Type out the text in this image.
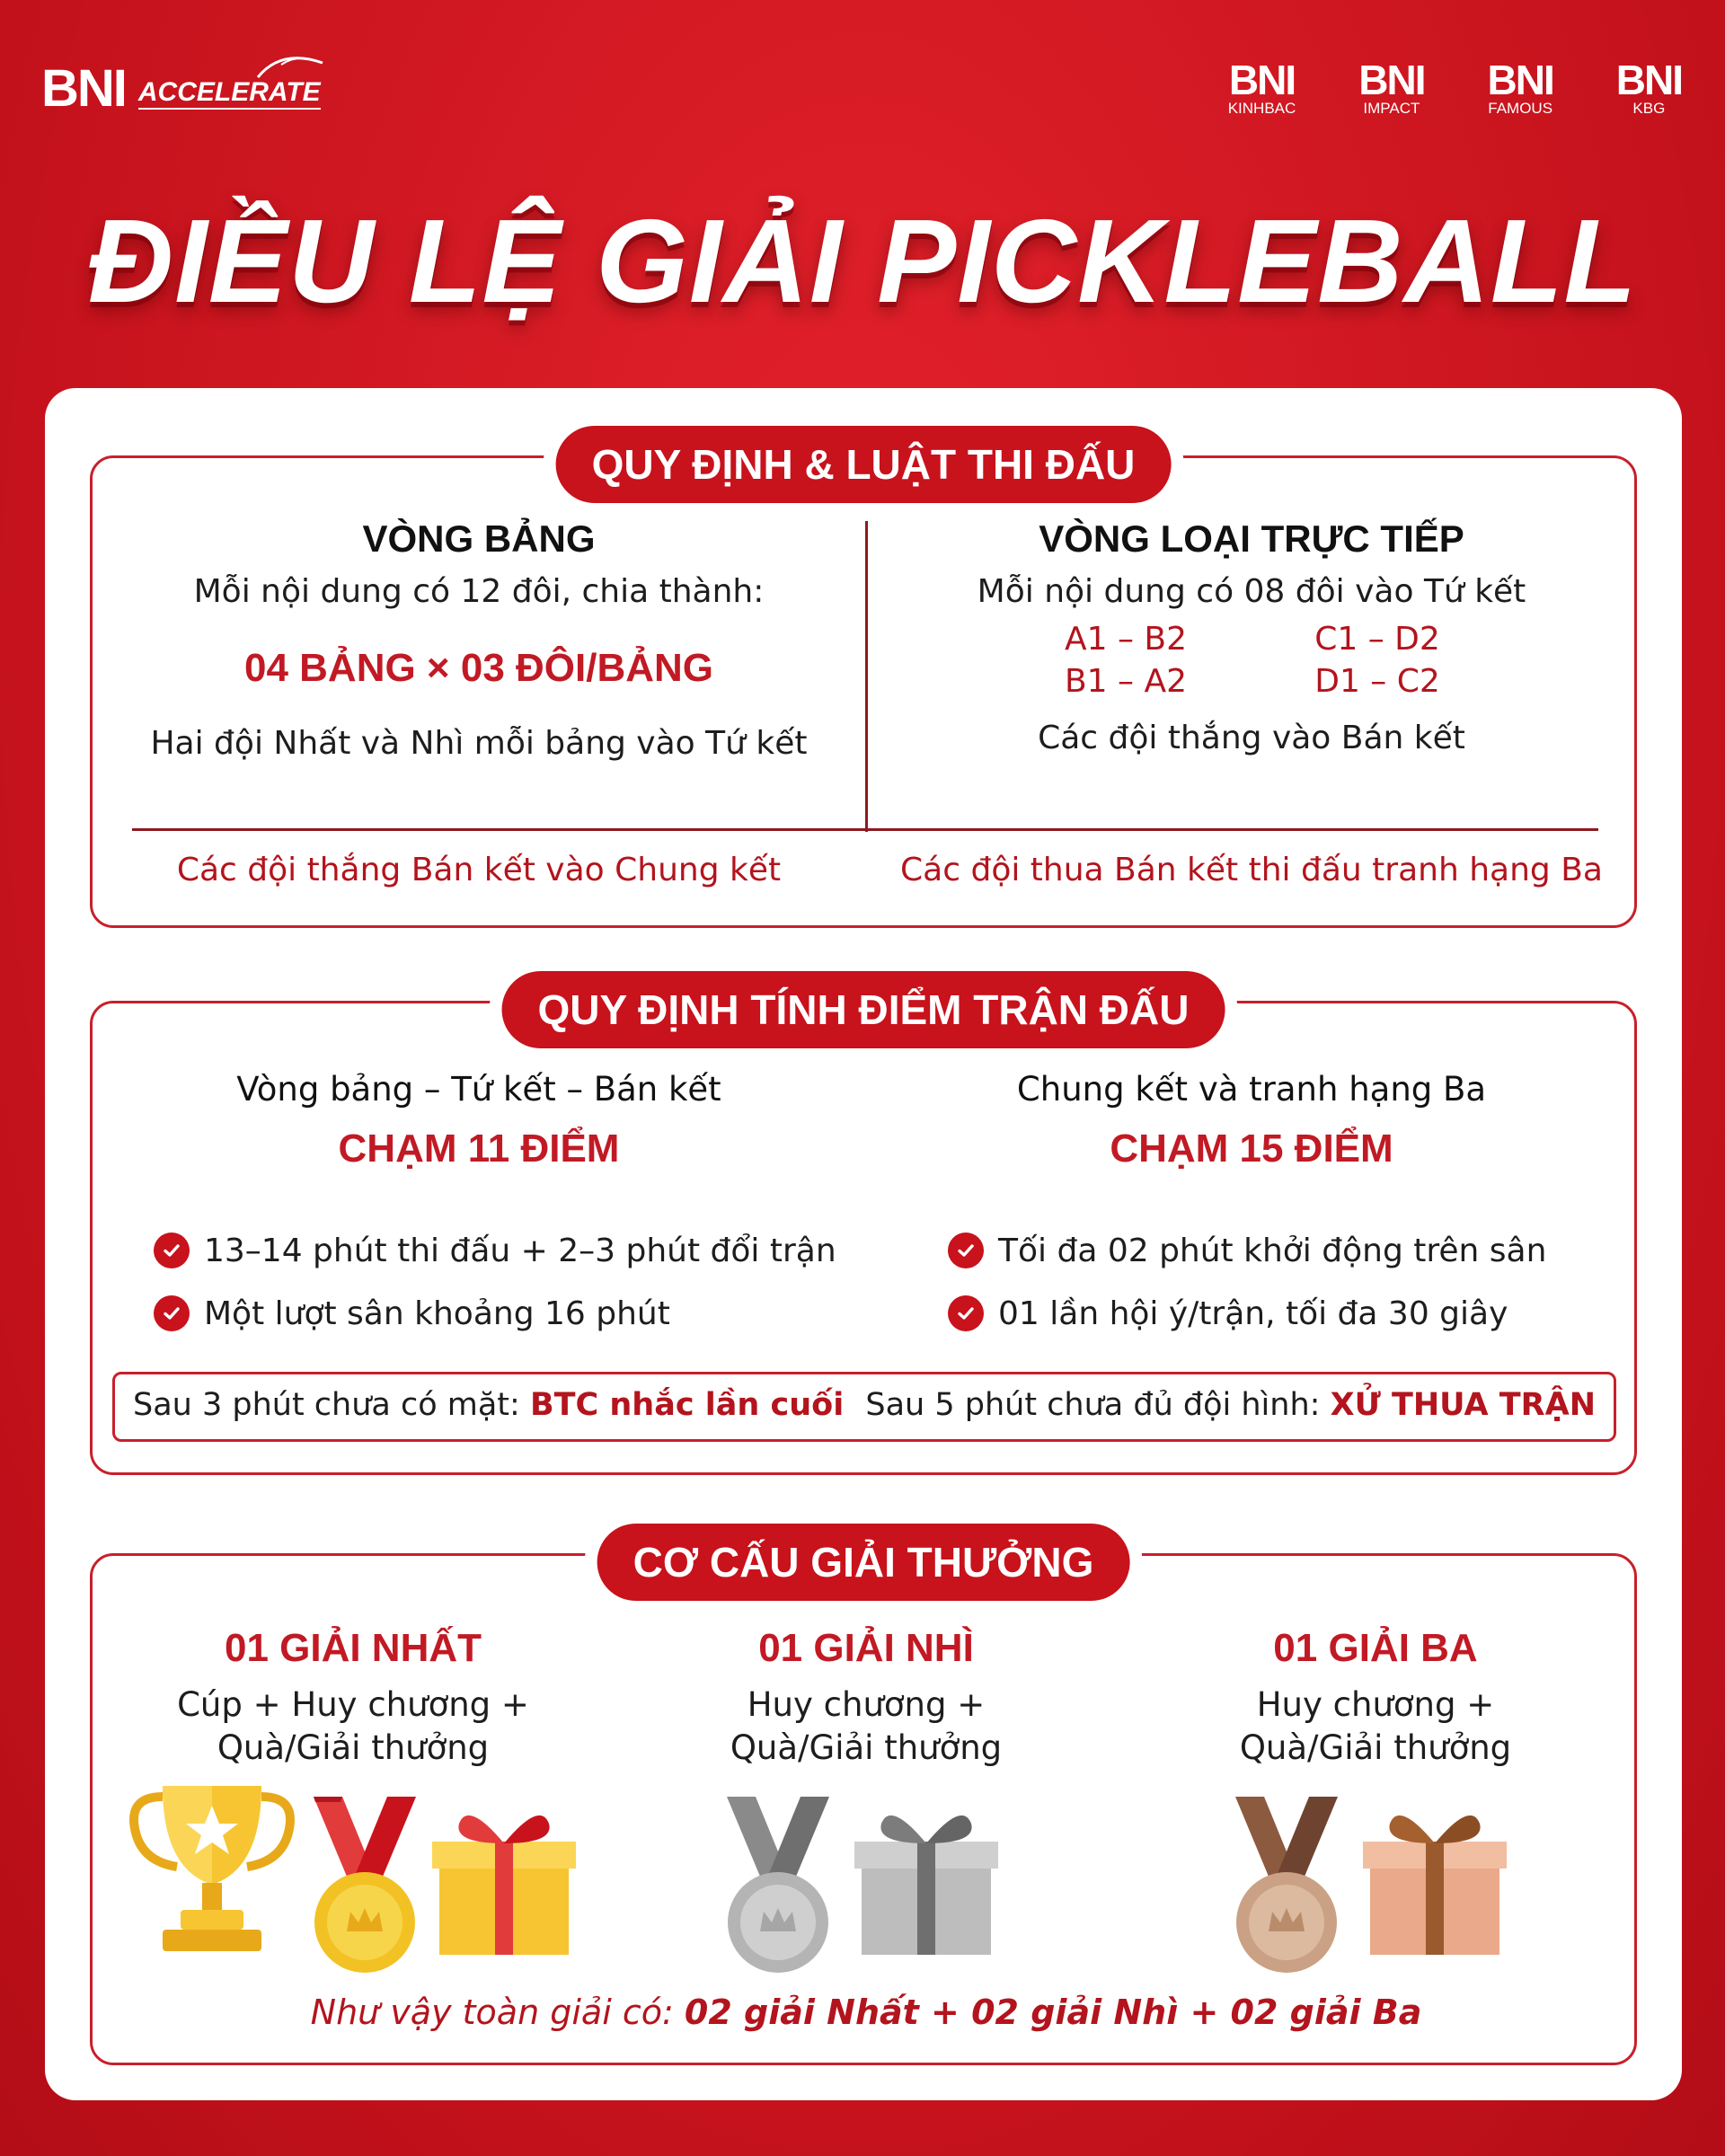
BNI ACCELERATE	BNI
KINHBAC
BNI
IMPACT
BNI
FAMOUS
BNI
KBG
ĐIỀU LỆ GIẢI PICKLEBALL
QUY ĐỊNH & LUẬT THI ĐẤU
VÒNG BẢNG
Mỗi nội dung có 12 đôi, chia thành:
04 BẢNG × 03 ĐÔI/BẢNG
Hai đội Nhất và Nhì mỗi bảng vào Tứ kết
VÒNG LOẠI TRỰC TIẾP
Mỗi nội dung có 08 đôi vào Tứ kết
A1 – B2	C1 – D2
B1 – A2	D1 – C2
Các đội thắng vào Bán kết
Các đội thắng Bán kết vào Chung kết	Các đội thua Bán kết thi đấu tranh hạng Ba
QUY ĐỊNH TÍNH ĐIỂM TRẬN ĐẤU
Vòng bảng – Tứ kết – Bán kết
CHẠM 11 ĐIỂM
13–14 phút thi đấu + 2–3 phút đổi trận
Một lượt sân khoảng 16 phút
Chung kết và tranh hạng Ba
CHẠM 15 ĐIỂM
Tối đa 02 phút khởi động trên sân
01 lần hội ý/trận, tối đa 30 giây
Sau 3 phút chưa có mặt: BTC nhắc lần cuối Sau 5 phút chưa đủ đội hình: XỬ THUA TRẬN
CƠ CẤU GIẢI THƯỞNG
01 GIẢI NHẤT
Cúp + Huy chương +
Quà/Giải thưởng
01 GIẢI NHÌ
Huy chương +
Quà/Giải thưởng
01 GIẢI BA
Huy chương +
Quà/Giải thưởng
Như vậy toàn giải có: 02 giải Nhất + 02 giải Nhì + 02 giải Ba
